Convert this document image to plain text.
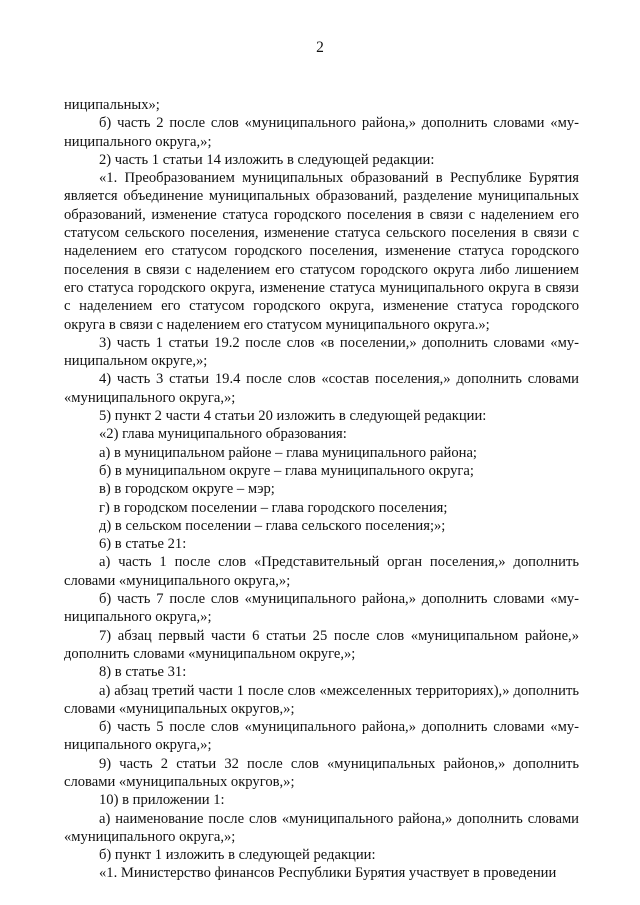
2

ниципальных»;

б) часть 2 после слов «муниципального района,» дополнить словами «муниципального округа,»;

2) часть 1 статьи 14 изложить в следующей редакции:

«1. Преобразованием муниципальных образований в Республике Бурятия является объединение муниципальных образований, разделение муниципальных образований, изменение статуса городского поселения в связи с наделением его статусом сельского поселения, изменение статуса сельского поселения в связи с наделением его статусом городского поселения, изменение статуса городского поселения в связи с наделением его статусом городского округа либо лишением его статуса городского округа, изменение статуса муниципального округа в связи с наделением его статусом городского округа, изменение статуса городского округа в связи с наделением его статусом муниципального округа.»;

3) часть 1 статьи 19.2 после слов «в поселении,» дополнить словами «муниципальном округе,»;

4) часть 3 статьи 19.4 после слов «состав поселения,» дополнить словами «муниципального округа,»;

5) пункт 2 части 4 статьи 20 изложить в следующей редакции:

«2) глава муниципального образования:

а) в муниципальном районе – глава муниципального района;

б) в муниципальном округе – глава муниципального округа;

в) в городском округе – мэр;

г) в городском поселении – глава городского поселения;

д) в сельском поселении – глава сельского поселения;»;

6) в статье 21:

а) часть 1 после слов «Представительный орган поселения,» дополнить словами «муниципального округа,»;

б) часть 7 после слов «муниципального района,» дополнить словами «муниципального округа,»;

7) абзац первый части 6 статьи 25 после слов «муниципальном районе,» дополнить словами «муниципальном округе,»;

8) в статье 31:

а) абзац третий части 1 после слов «межселенных территориях),» дополнить словами «муниципальных округов,»;

б) часть 5 после слов «муниципального района,» дополнить словами «муниципального округа,»;

9) часть 2 статьи 32 после слов «муниципальных районов,» дополнить словами «муниципальных округов,»;

10) в приложении 1:

а) наименование после слов «муниципального района,» дополнить словами «муниципального округа,»;

б) пункт 1 изложить в следующей редакции:

«1. Министерство финансов Республики Бурятия участвует в проведении
